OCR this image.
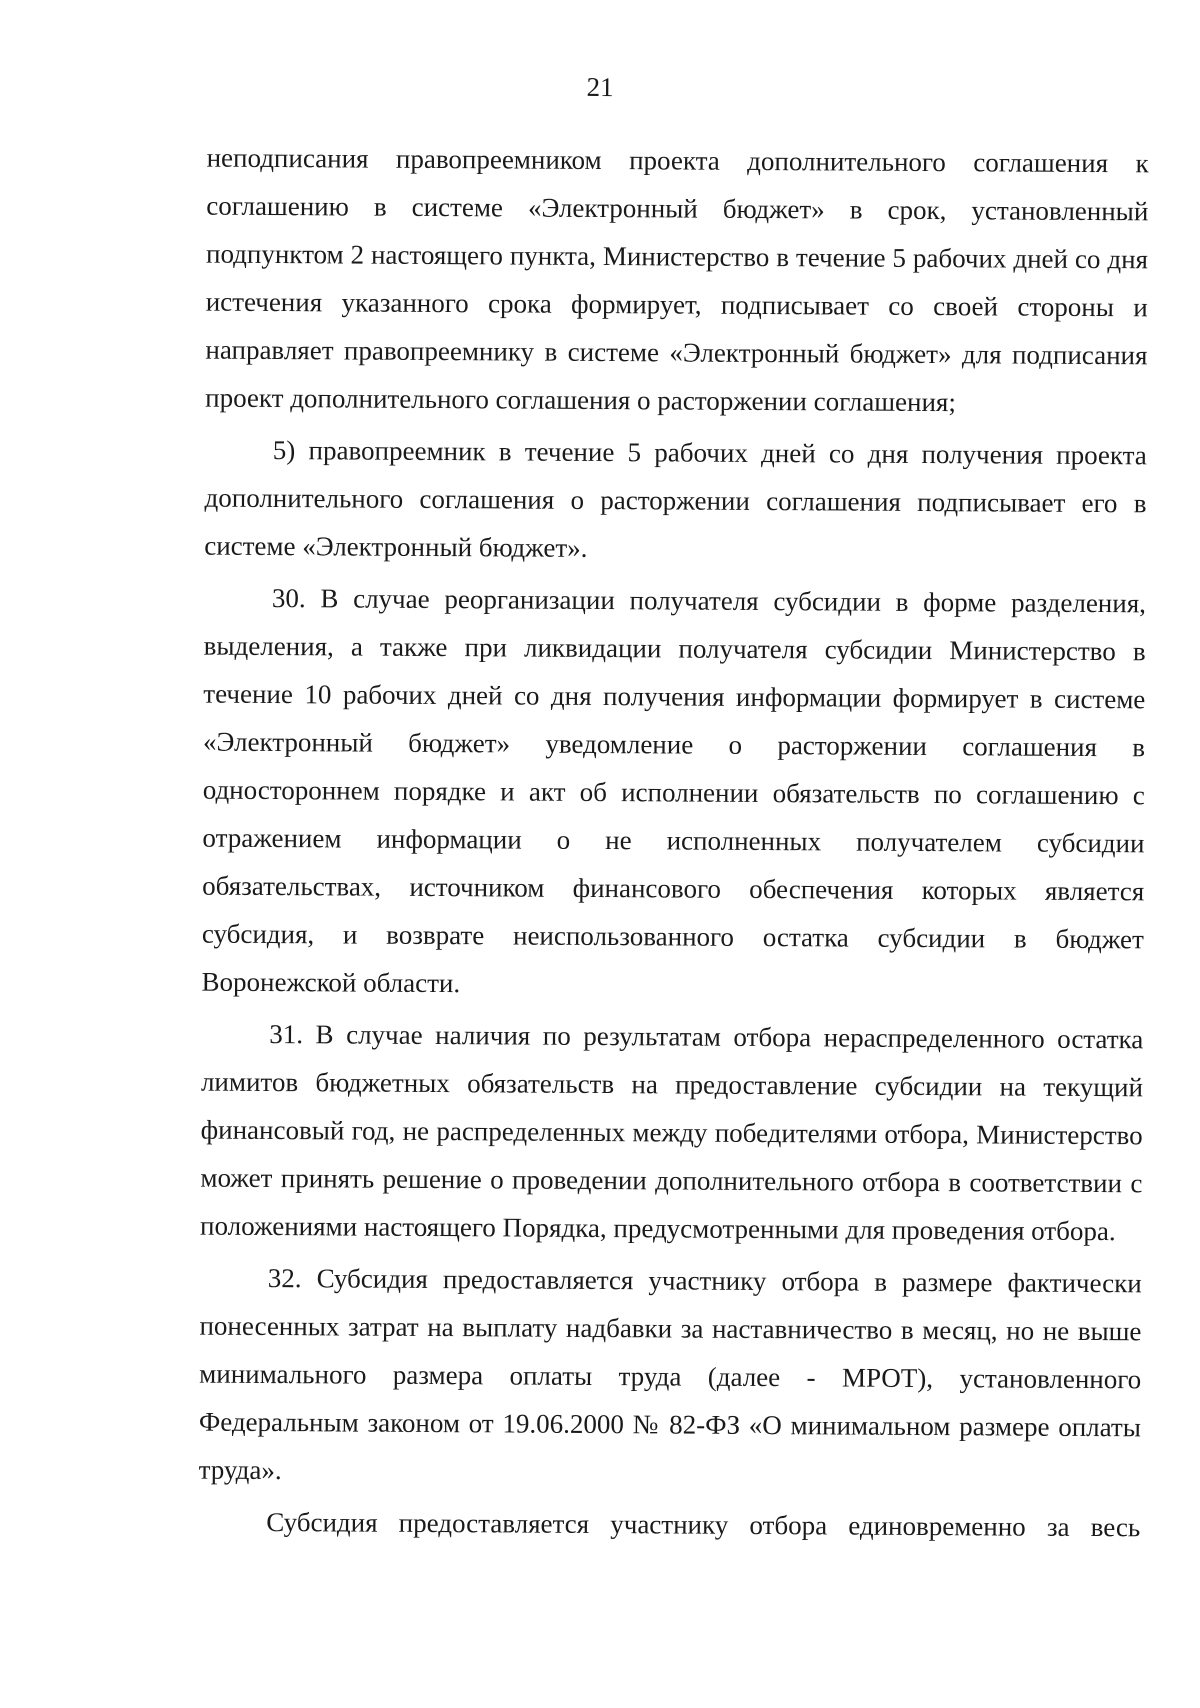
21

неподписания правопреемником проекта дополнительного соглашения к соглашению в системе «Электронный бюджет» в срок, установленный подпунктом 2 настоящего пункта, Министерство в течение 5 рабочих дней со дня истечения указанного срока формирует, подписывает со своей стороны и направляет правопреемнику в системе «Электронный бюджет» для подписания проект дополнительного соглашения о расторжении соглашения;

5) правопреемник в течение 5 рабочих дней со дня получения проекта дополнительного соглашения о расторжении соглашения подписывает его в системе «Электронный бюджет».

30. В случае реорганизации получателя субсидии в форме разделения, выделения, а также при ликвидации получателя субсидии Министерство в течение 10 рабочих дней со дня получения информации формирует в системе «Электронный бюджет» уведомление о расторжении соглашения в одностороннем порядке и акт об исполнении обязательств по соглашению с отражением информации о не исполненных получателем субсидии обязательствах, источником финансового обеспечения которых является субсидия, и возврате неиспользованного остатка субсидии в бюджет Воронежской области.

31. В случае наличия по результатам отбора нераспределенного остатка лимитов бюджетных обязательств на предоставление субсидии на текущий финансовый год, не распределенных между победителями отбора, Министерство может принять решение о проведении дополнительного отбора в соответствии с положениями настоящего Порядка, предусмотренными для проведения отбора.

32. Субсидия предоставляется участнику отбора в размере фактически понесенных затрат на выплату надбавки за наставничество в месяц, но не выше минимального размера оплаты труда (далее - МРОТ), установленного Федеральным законом от 19.06.2000 № 82-ФЗ «О минимальном размере оплаты труда».

Субсидия предоставляется участнику отбора единовременно за весь
